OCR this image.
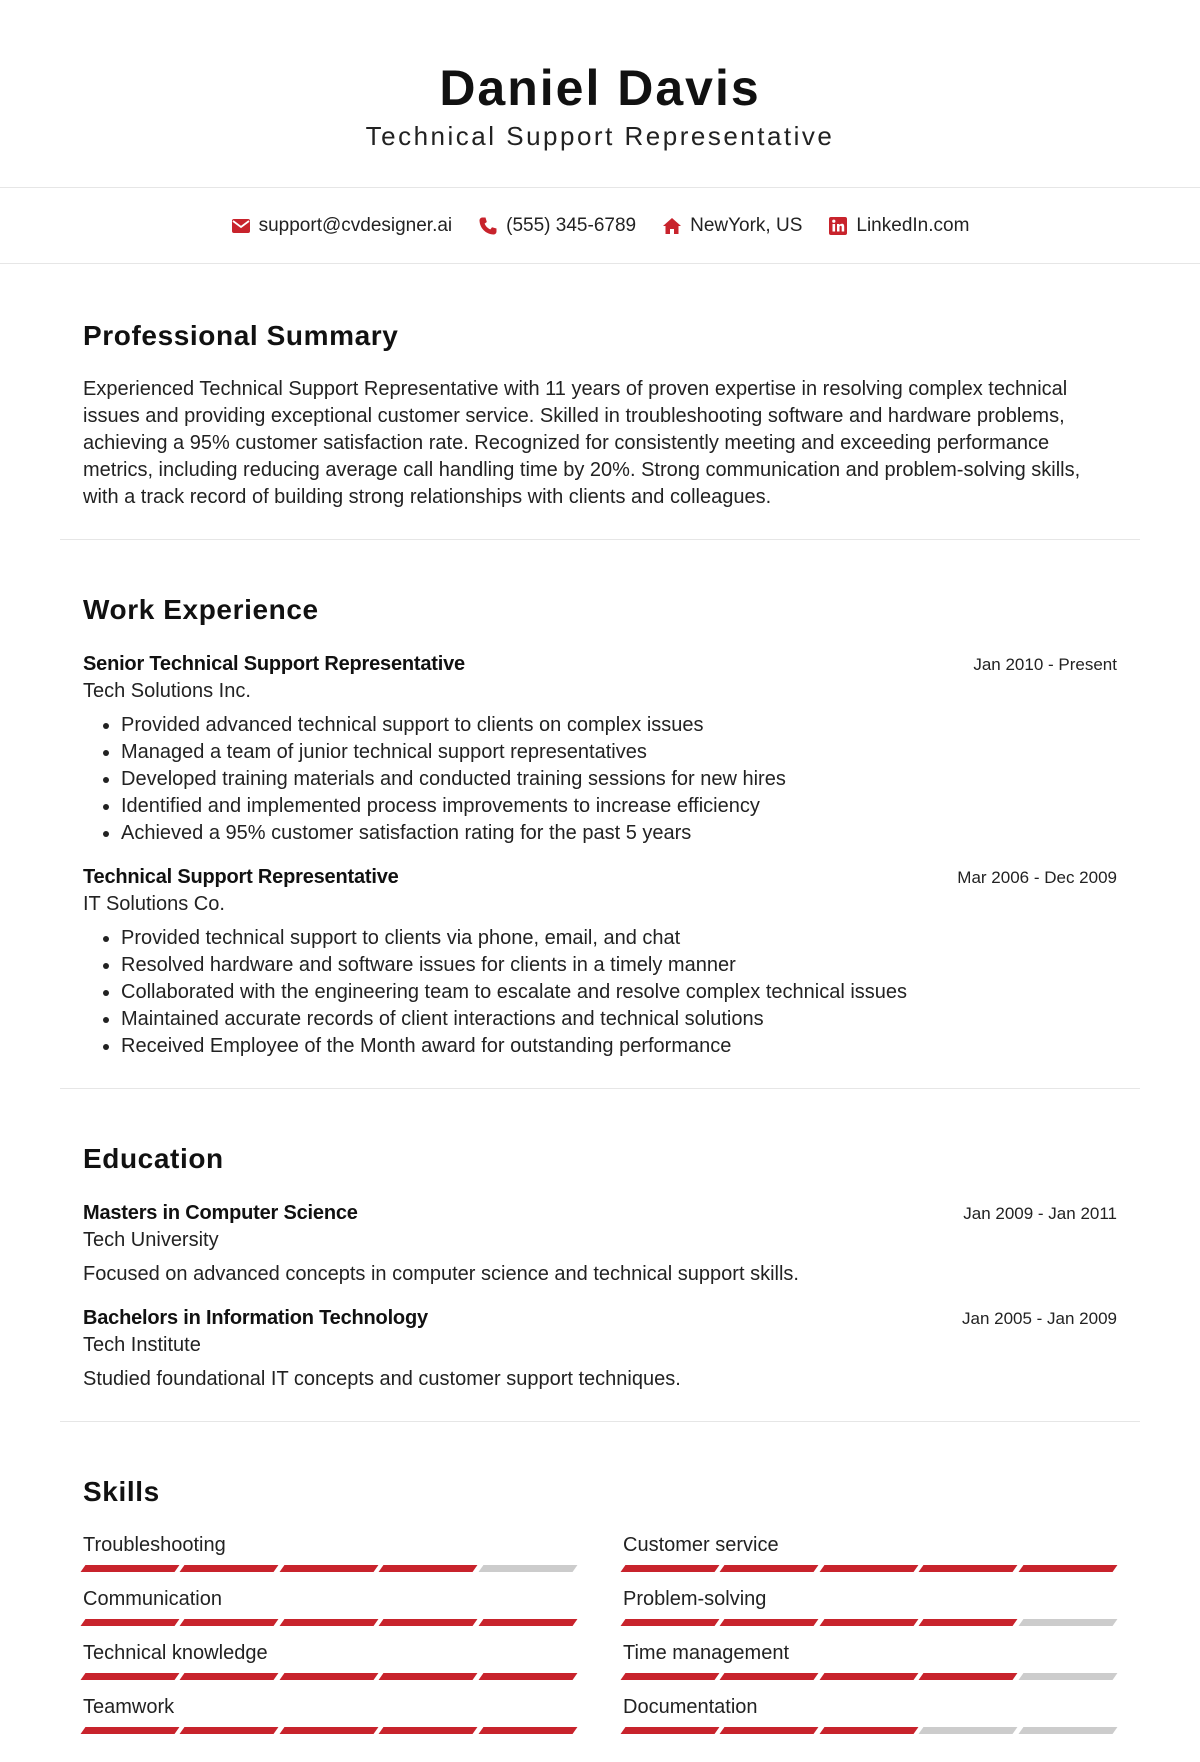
Daniel Davis
Technical Support Representative
support@cvdesigner.ai	(555) 345-6789	NewYork, US	LinkedIn.com
Professional Summary

Experienced Technical Support Representative with 11 years of proven expertise in resolving complex technical issues and providing exceptional customer service. Skilled in troubleshooting software and hardware problems, achieving a 95% customer satisfaction rate. Recognized for consistently meeting and exceeding performance metrics, including reducing average call handling time by 20%. Strong communication and problem-solving skills, with a track record of building strong relationships with clients and colleagues.

Work Experience
Senior Technical Support Representative	Jan 2010 - Present
Tech Solutions Inc.
• Provided advanced technical support to clients on complex issues
• Managed a team of junior technical support representatives
• Developed training materials and conducted training sessions for new hires
• Identified and implemented process improvements to increase efficiency
• Achieved a 95% customer satisfaction rating for the past 5 years
Technical Support Representative	Mar 2006 - Dec 2009
IT Solutions Co.
• Provided technical support to clients via phone, email, and chat
• Resolved hardware and software issues for clients in a timely manner
• Collaborated with the engineering team to escalate and resolve complex technical issues
• Maintained accurate records of client interactions and technical solutions
• Received Employee of the Month award for outstanding performance
Education
Masters in Computer Science	Jan 2009 - Jan 2011
Tech University

Focused on advanced concepts in computer science and technical support skills.

Bachelors in Information Technology	Jan 2005 - Jan 2009
Tech Institute

Studied foundational IT concepts and customer support techniques.

Skills
Troubleshooting	Customer service
Communication	Problem-solving
Technical knowledge	Time management
Teamwork	Documentation
